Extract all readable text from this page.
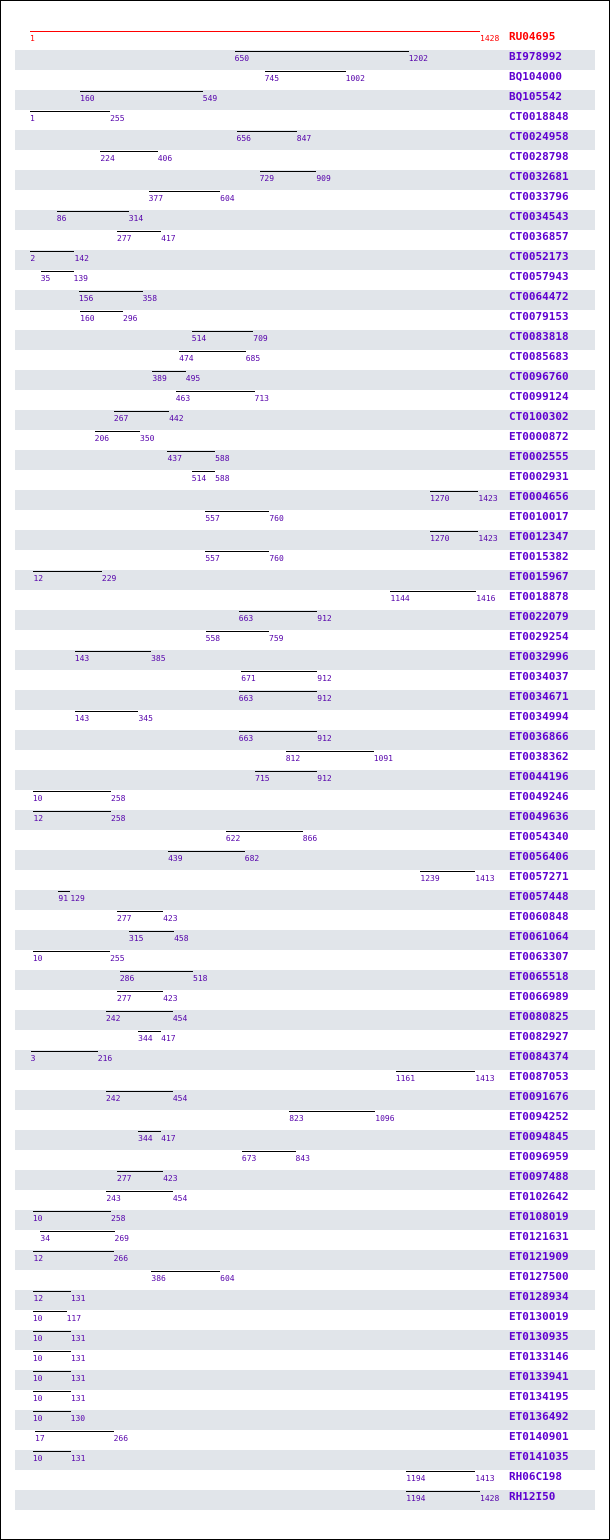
1	1428 RU04695
650	1202	BI978992
745	1002	BQ104000
160	549	BQ105542
1	255	CT0018848
656	847	CT0024958
224	406	CT0028798
729	909	CT0032681
377	604	CT0033796
86	314	CT0034543
277	417	CT0036857
2	142	CT0052173
35	139	CT0057943
156	358	CT0064472
160	296	CT0079153
514	709	CT0083818
474	685	CT0085683
389 495	CT0096760
463	713	CT0099124
267	442	CT0100302
206	350	ET0000872
437	588	ET0002555
514 588	ET0002931
1270	1423 ET0004656
557	760	ET0010017
1270	1423 ET0012347
557	760	ET0015382
12	229	ET0015967
1144	1416 ET0018878
663	912	ET0022079
558	759	ET0029254
143	385	ET0032996
671	912	ET0034037
663	912	ET0034671
143	345	ET0034994
663	912	ET0036866
812	1091	ET0038362
715	912	ET0044196
10	258	ET0049246
12	258	ET0049636
622	866	ET0054340
439	682	ET0056406
1239	1413 ET0057271
91 129	ET0057448
277	423	ET0060848
315	458	ET0061064
10	255	ET0063307
286	518	ET0065518
277	423	ET0066989
242	454	ET0080825
344 417	ET0082927
3	216	ET0084374
1161	1413 ET0087053
242	454	ET0091676
823	1096	ET0094252
344 417	ET0094845
673	843	ET0096959
277	423	ET0097488
243	454	ET0102642
10	258	ET0108019
34	269	ET0121631
12	266	ET0121909
386	604	ET0127500
12	131	ET0128934
10	117	ET0130019
10	131	ET0130935
10	131	ET0133146
10	131	ET0133941
10	131	ET0134195
10	130	ET0136492
17	266	ET0140901
10	131	ET0141035
1194	1413 RH06C198
1194	1428 RH12I50
